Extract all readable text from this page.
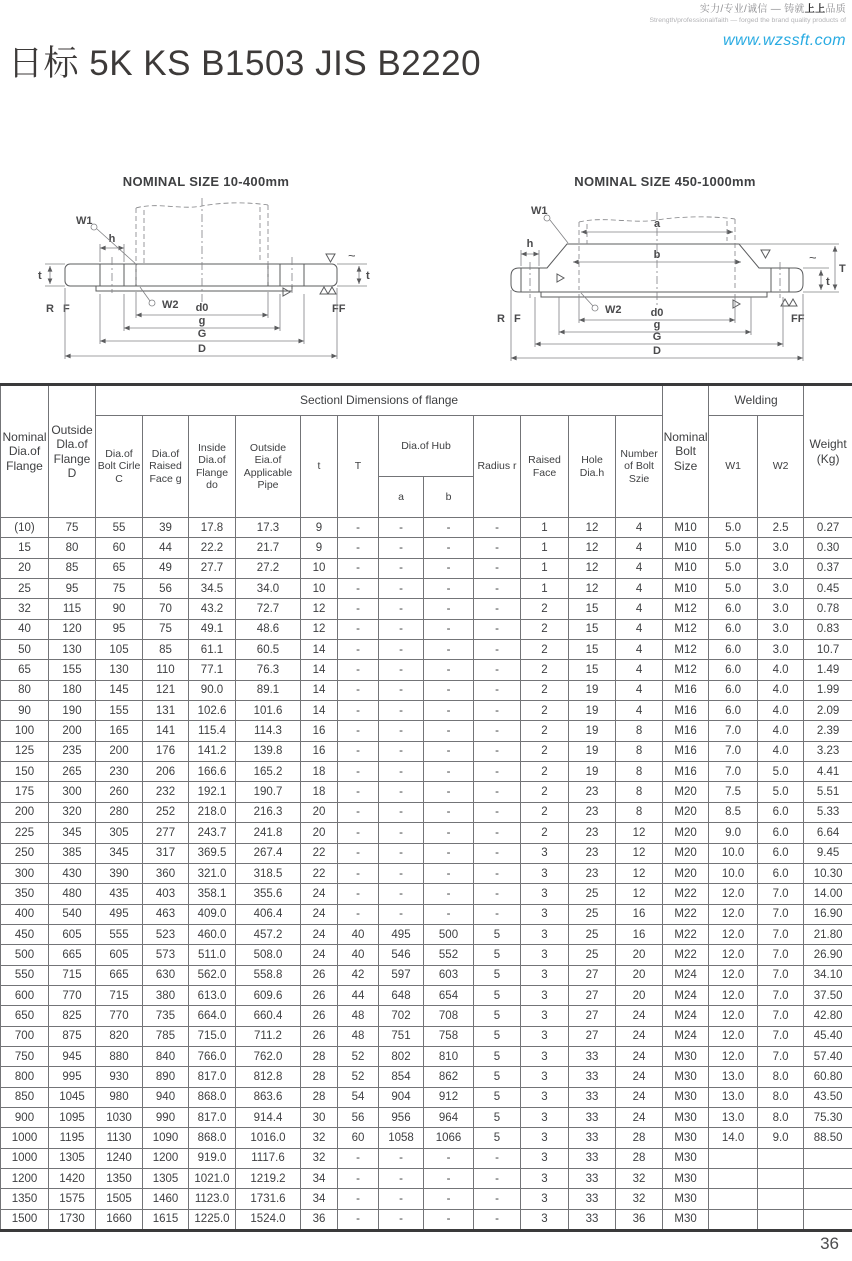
实力/专业/诚信 — 铸就上上品质
Strength/professional/faith — forged the brand quality products of
www.wzssft.com
日标 5K KS B1503 JIS B2220
NOMINAL SIZE 10-400mm
h
W1
t
R F	W2
t
~
FF
d0
g
G
D
NOMINAL SIZE 450-1000mm
a
b
h
W1
W2
R F
t
T
~
FF
d0
g
G
D
Nominal Dia.of Flange	Outside Dla.of Flange D	Sectionl Dimensions of flange												Nominal Bolt Size	Welding		Weight (Kg)
		Dia.of Bolt Cirle C	Dia.of Raised Face g	Inside Dia.of Flange do	Outside Eia.of Applicable Pipe	t	T	Dia.of Hub		Radius r	Raised Face	Hole Dia.h	Number of Bolt Szie		W1	W2	
								a	b								
(10)	75	55	39	17.8	17.3	9	-	-	-	-	1	12	4	M10	5.0	2.5	0.27
15	80	60	44	22.2	21.7	9	-	-	-	-	1	12	4	M10	5.0	3.0	0.30
20	85	65	49	27.7	27.2	10	-	-	-	-	1	12	4	M10	5.0	3.0	0.37
25	95	75	56	34.5	34.0	10	-	-	-	-	1	12	4	M10	5.0	3.0	0.45
32	115	90	70	43.2	72.7	12	-	-	-	-	2	15	4	M12	6.0	3.0	0.78
40	120	95	75	49.1	48.6	12	-	-	-	-	2	15	4	M12	6.0	3.0	0.83
50	130	105	85	61.1	60.5	14	-	-	-	-	2	15	4	M12	6.0	3.0	10.7
65	155	130	110	77.1	76.3	14	-	-	-	-	2	15	4	M12	6.0	4.0	1.49
80	180	145	121	90.0	89.1	14	-	-	-	-	2	19	4	M16	6.0	4.0	1.99
90	190	155	131	102.6	101.6	14	-	-	-	-	2	19	4	M16	6.0	4.0	2.09
100	200	165	141	115.4	114.3	16	-	-	-	-	2	19	8	M16	7.0	4.0	2.39
125	235	200	176	141.2	139.8	16	-	-	-	-	2	19	8	M16	7.0	4.0	3.23
150	265	230	206	166.6	165.2	18	-	-	-	-	2	19	8	M16	7.0	5.0	4.41
175	300	260	232	192.1	190.7	18	-	-	-	-	2	23	8	M20	7.5	5.0	5.51
200	320	280	252	218.0	216.3	20	-	-	-	-	2	23	8	M20	8.5	6.0	5.33
225	345	305	277	243.7	241.8	20	-	-	-	-	2	23	12	M20	9.0	6.0	6.64
250	385	345	317	369.5	267.4	22	-	-	-	-	3	23	12	M20	10.0	6.0	9.45
300	430	390	360	321.0	318.5	22	-	-	-	-	3	23	12	M20	10.0	6.0	10.30
350	480	435	403	358.1	355.6	24	-	-	-	-	3	25	12	M22	12.0	7.0	14.00
400	540	495	463	409.0	406.4	24	-	-	-	-	3	25	16	M22	12.0	7.0	16.90
450	605	555	523	460.0	457.2	24	40	495	500	5	3	25	16	M22	12.0	7.0	21.80
500	665	605	573	511.0	508.0	24	40	546	552	5	3	25	20	M22	12.0	7.0	26.90
550	715	665	630	562.0	558.8	26	42	597	603	5	3	27	20	M24	12.0	7.0	34.10
600	770	715	380	613.0	609.6	26	44	648	654	5	3	27	20	M24	12.0	7.0	37.50
650	825	770	735	664.0	660.4	26	48	702	708	5	3	27	24	M24	12.0	7.0	42.80
700	875	820	785	715.0	711.2	26	48	751	758	5	3	27	24	M24	12.0	7.0	45.40
750	945	880	840	766.0	762.0	28	52	802	810	5	3	33	24	M30	12.0	7.0	57.40
800	995	930	890	817.0	812.8	28	52	854	862	5	3	33	24	M30	13.0	8.0	60.80
850	1045	980	940	868.0	863.6	28	54	904	912	5	3	33	24	M30	13.0	8.0	43.50
900	1095	1030	990	817.0	914.4	30	56	956	964	5	3	33	24	M30	13.0	8.0	75.30
1000	1195	1130	1090	868.0	1016.0	32	60	1058	1066	5	3	33	28	M30	14.0	9.0	88.50
1000	1305	1240	1200	919.0	1117.6	32	-	-	-	-	3	33	28	M30			
1200	1420	1350	1305	1021.0	1219.2	34	-	-	-	-	3	33	32	M30			
1350	1575	1505	1460	1123.0	1731.6	34	-	-	-	-	3	33	32	M30			
1500	1730	1660	1615	1225.0	1524.0	36	-	-	-	-	3	33	36	M30			
36
